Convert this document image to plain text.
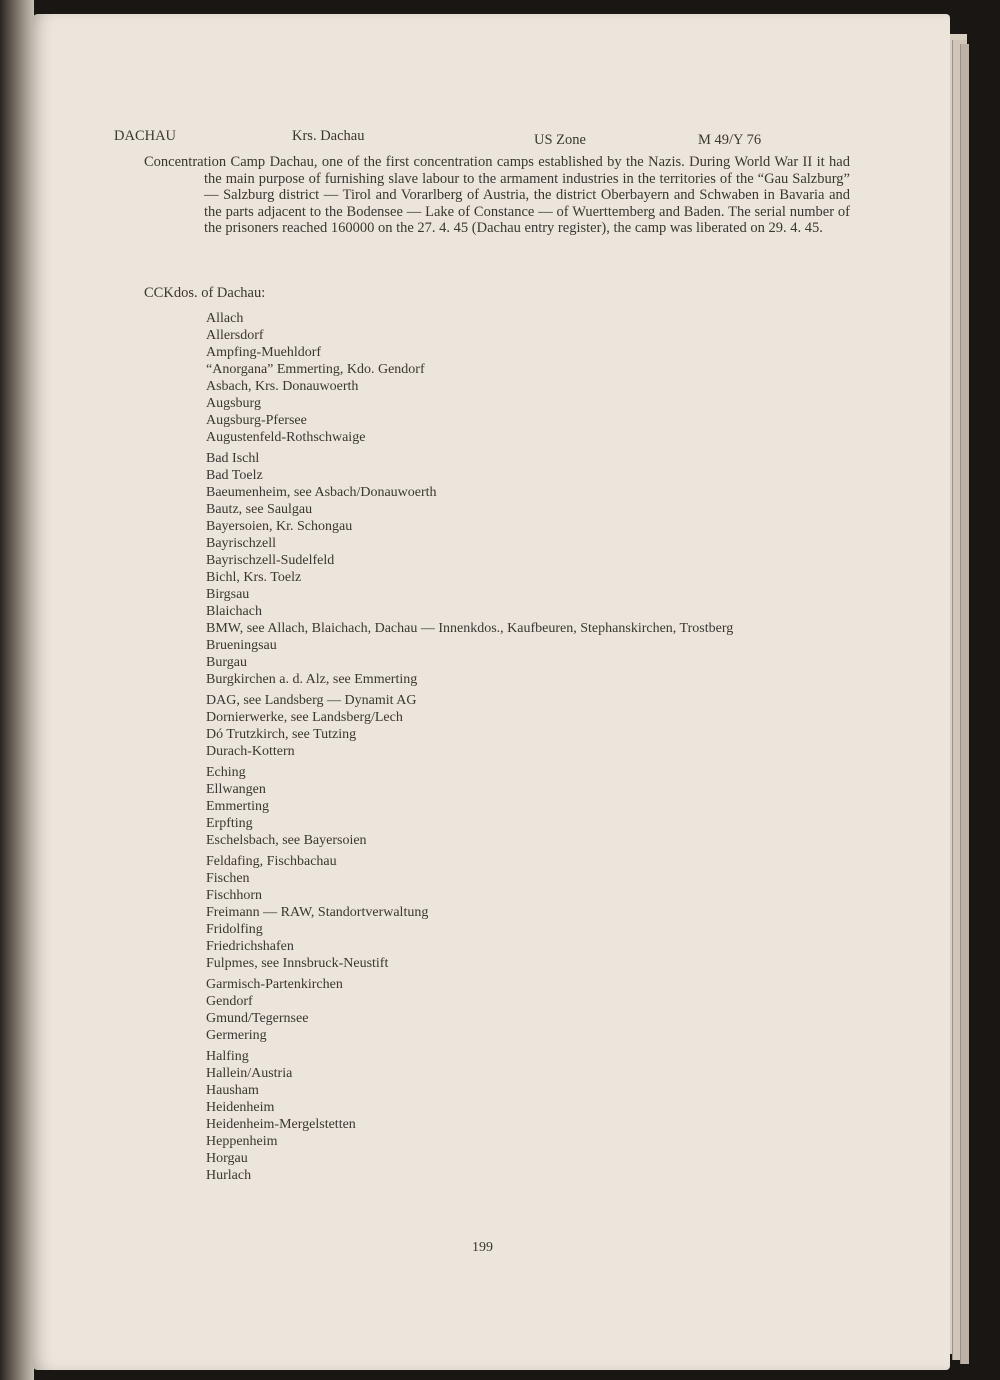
DACHAU	Krs. Dachau	US Zone	M 49/Y 76
Concentration Camp Dachau, one of the first concentration camps established by the Nazis. During World War II it had the main purpose of furnishing slave labour to the armament industries in the territories of the “Gau Salzburg” — Salzburg district — Tirol and Vorarlberg of Austria, the district Oberbayern and Schwaben in Bavaria and the parts adjacent to the Bodensee — Lake of Constance — of Wuerttemberg and Baden. The serial number of the prisoners reached 160000 on the 27. 4. 45 (Dachau entry register), the camp was liberated on 29. 4. 45.
CCKdos. of Dachau:
Allach
Allersdorf
Ampfing-Muehldorf
“Anorgana” Emmerting, Kdo. Gendorf
Asbach, Krs. Donauwoerth
Augsburg
Augsburg-Pfersee
Augustenfeld-Rothschwaige
Bad Ischl
Bad Toelz
Baeumenheim, see Asbach/Donauwoerth
Bautz, see Saulgau
Bayersoien, Kr. Schongau
Bayrischzell
Bayrischzell-Sudelfeld
Bichl, Krs. Toelz
Birgsau
Blaichach
BMW, see Allach, Blaichach, Dachau — Innenkdos., Kaufbeuren, Stephanskirchen, Trostberg
Brueningsau
Burgau
Burgkirchen a. d. Alz, see Emmerting
DAG, see Landsberg — Dynamit AG
Dornierwerke, see Landsberg/Lech
Dó Trutzkirch, see Tutzing
Durach-Kottern
Eching
Ellwangen
Emmerting
Erpfting
Eschelsbach, see Bayersoien
Feldafing, Fischbachau
Fischen
Fischhorn
Freimann — RAW, Standortverwaltung
Fridolfing
Friedrichshafen
Fulpmes, see Innsbruck-Neustift
Garmisch-Partenkirchen
Gendorf
Gmund/Tegernsee
Germering
Halfing
Hallein/Austria
Hausham
Heidenheim
Heidenheim-Mergelstetten
Heppenheim
Horgau
Hurlach
199
